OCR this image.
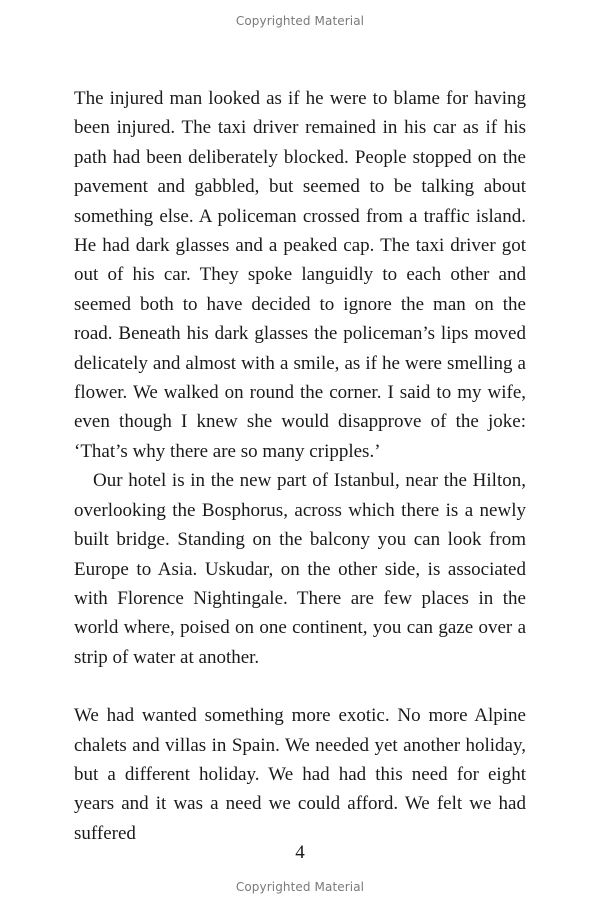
Copyrighted Material

The injured man looked as if he were to blame for having been injured. The taxi driver remained in his car as if his path had been deliberately blocked. People stopped on the pavement and gabbled, but seemed to be talking about something else. A policeman crossed from a traffic island. He had dark glasses and a peaked cap. The taxi driver got out of his car. They spoke languidly to each other and seemed both to have decided to ignore the man on the road. Beneath his dark glasses the policeman’s lips moved delicately and almost with a smile, as if he were smelling a flower. We walked on round the corner. I said to my wife, even though I knew she would disapprove of the joke: ‘That’s why there are so many cripples.’

Our hotel is in the new part of Istanbul, near the Hilton, overlooking the Bosphorus, across which there is a newly built bridge. Standing on the balcony you can look from Europe to Asia. Uskudar, on the other side, is associated with Florence Nightingale. There are few places in the world where, poised on one continent, you can gaze over a strip of water at another.

We had wanted something more exotic. No more Alpine chalets and villas in Spain. We needed yet another holiday, but a different holiday. We had had this need for eight years and it was a need we could afford. We felt we had suffered

4
Copyrighted Material
